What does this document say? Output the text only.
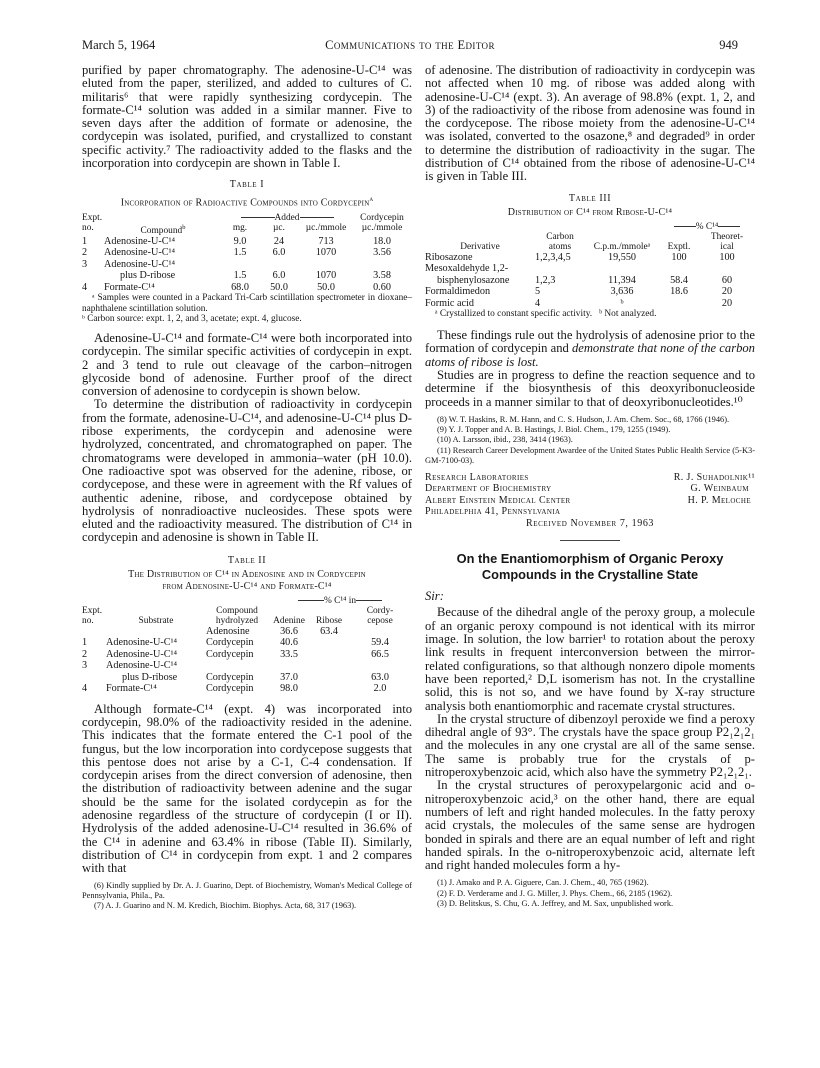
March 5, 1964	Communications to the Editor	949

purified by paper chromatography. The adenosine-U-C¹⁴ was eluted from the paper, sterilized, and added to cultures of C. militaris⁶ that were rapidly synthesizing cordycepin. The formate-C¹⁴ solution was added in a similar manner. Five to seven days after the addition of formate or adenosine, the cordycepin was isolated, purified, and crystallized to constant specific activity.⁷ The radioactivity added to the flasks and the incorporation into cordycepin are shown in Table I.

Table I
Incorporation of Radioactive Compounds into Cordycepin$^a$
Expt.		Added			Cordycepin
no.	Compound$^b$	mg.	µc.	µc./mmole	µc./mmole
1	Adenosine-U-C¹⁴	9.0	24	713	18.0
2	Adenosine-U-C¹⁴	1.5	6.0	1070	3.56
3	Adenosine-U-C¹⁴				
	plus D-ribose	1.5	6.0	1070	3.58
4	Formate-C¹⁴	68.0	50.0	50.0	0.60

ᵃ Samples were counted in a Packard Tri-Carb scintillation spectrometer in dioxane–naphthalene scintillation solution.

ᵇ Carbon source: expt. 1, 2, and 3, acetate; expt. 4, glucose.

Adenosine-U-C¹⁴ and formate-C¹⁴ were both incorporated into cordycepin. The similar specific activities of cordycepin in expt. 2 and 3 tend to rule out cleavage of the carbon–nitrogen glycoside bond of adenosine. Further proof of the direct conversion of adenosine to cordycepin is shown below.

To determine the distribution of radioactivity in cordycepin from the formate, adenosine-U-C¹⁴, and adenosine-U-C¹⁴ plus D-ribose experiments, the cordycepin and adenosine were hydrolyzed, concentrated, and chromatographed on paper. The chromatograms were developed in ammonia–water (pH 10.0). One radioactive spot was observed for the adenine, ribose, or cordycepose, and these were in agreement with the Rf values of authentic adenine, ribose, and cordycepose obtained by hydrolysis of nonradioactive nucleosides. These spots were eluted and the radioactivity measured. The distribution of C¹⁴ in cordycepin and adenosine is shown in Table II.

Table II
The Distribution of C¹⁴ in Adenosine and in Cordycepin
from Adenosine-U-C¹⁴ and Formate-C¹⁴
			% C¹⁴ in		
Expt.		Compound			Cordy-
no.	Substrate	hydrolyzed	Adenine	Ribose	cepose
		Adenosine	36.6	63.4	
1	Adenosine-U-C¹⁴	Cordycepin	40.6		59.4
2	Adenosine-U-C¹⁴	Cordycepin	33.5		66.5
3	Adenosine-U-C¹⁴				
	plus D-ribose	Cordycepin	37.0		63.0
4	Formate-C¹⁴	Cordycepin	98.0		2.0

Although formate-C¹⁴ (expt. 4) was incorporated into cordycepin, 98.0% of the radioactivity resided in the adenine. This indicates that the formate entered the C-1 pool of the fungus, but the low incorporation into cordycepose suggests that this pentose does not arise by a C-1, C-4 condensation. If cordycepin arises from the direct conversion of adenosine, then the distribution of radioactivity between adenine and the sugar should be the same for the isolated cordycepin as for the adenosine regardless of the structure of cordycepin (I or II). Hydrolysis of the added adenosine-U-C¹⁴ resulted in 36.6% of the C¹⁴ in adenine and 63.4% in ribose (Table II). Similarly, distribution of C¹⁴ in cordycepin from expt. 1 and 2 compares with that

(6) Kindly supplied by Dr. A. J. Guarino, Dept. of Biochemistry, Woman's Medical College of Pennsylvania, Phila., Pa.

(7) A. J. Guarino and N. M. Kredich, Biochim. Biophys. Acta, 68, 317 (1963).

of adenosine. The distribution of radioactivity in cordycepin was not affected when 10 mg. of ribose was added along with adenosine-U-C¹⁴ (expt. 3). An average of 98.8% (expt. 1, 2, and 3) of the radioactivity of the ribose from adenosine was found in the cordycepose. The ribose moiety from the adenosine-U-C¹⁴ was isolated, converted to the osazone,⁸ and degraded⁹ in order to determine the distribution of radioactivity in the sugar. The distribution of C¹⁴ obtained from the ribose of adenosine-U-C¹⁴ is given in Table III.

Table III
Distribution of C¹⁴ from Ribose-U-C¹⁴
			% C¹⁴	
	Carbon			Theoret-
Derivative	atoms	C.p.m./mmoleᵃ	Exptl.	ical
Ribosazone	1,2,3,4,5	19,550	100	100
Mesoxaldehyde 1,2-				
bisphenylosazone	1,2,3	11,394	58.4	60
Formaldimedon	5	3,636	18.6	20
Formic acid	4	ᵇ		20

ᵃ Crystallized to constant specific activity.   ᵇ Not analyzed.

These findings rule out the hydrolysis of adenosine prior to the formation of cordycepin and demonstrate that none of the carbon atoms of ribose is lost.

Studies are in progress to define the reaction sequence and to determine if the biosynthesis of this deoxyribonucleoside proceeds in a manner similar to that of deoxyribonucleotides.¹⁰

(8) W. T. Haskins, R. M. Hann, and C. S. Hudson, J. Am. Chem. Soc., 68, 1766 (1946).

(9) Y. J. Topper and A. B. Hastings, J. Biol. Chem., 179, 1255 (1949).

(10) A. Larsson, ibid., 238, 3414 (1963).

(11) Research Career Development Awardee of the United States Public Health Service (5-K3-GM-7100-03).

Research Laboratories	R. J. Suhadolnik¹¹
Department of Biochemistry	G. Weinbaum
Albert Einstein Medical Center	H. P. Meloche
Philadelphia 41, Pennsylvania
Received November 7, 1963
On the Enantiomorphism of Organic Peroxy Compounds in the Crystalline State

Sir:

Because of the dihedral angle of the peroxy group, a molecule of an organic peroxy compound is not identical with its mirror image. In solution, the low barrier¹ to rotation about the peroxy link results in frequent interconversion between the mirror-related configurations, so that although nonzero dipole moments have been reported,² D,L isomerism has not. In the crystalline solid, this is not so, and we have found by X-ray structure analysis both enantiomorphic and racemate crystal structures.

In the crystal structure of dibenzoyl peroxide we find a peroxy dihedral angle of 93°. The crystals have the space group P2₁2₁2₁ and the molecules in any one crystal are all of the same sense. The same is probably true for the crystals of p-nitroperoxybenzoic acid, which also have the symmetry P2₁2₁2₁.

In the crystal structures of peroxypelargonic acid and o-nitroperoxybenzoic acid,³ on the other hand, there are equal numbers of left and right handed molecules. In the fatty peroxy acid crystals, the molecules of the same sense are hydrogen bonded in spirals and there are an equal number of left and right handed spirals. In the o-nitroperoxybenzoic acid, alternate left and right handed molecules form a hy-

(1) J. Amako and P. A. Giguere, Can. J. Chem., 40, 765 (1962).

(2) F. D. Verderame and J. G. Miller, J. Phys. Chem., 66, 2185 (1962).

(3) D. Belitskus, S. Chu, G. A. Jeffrey, and M. Sax, unpublished work.
